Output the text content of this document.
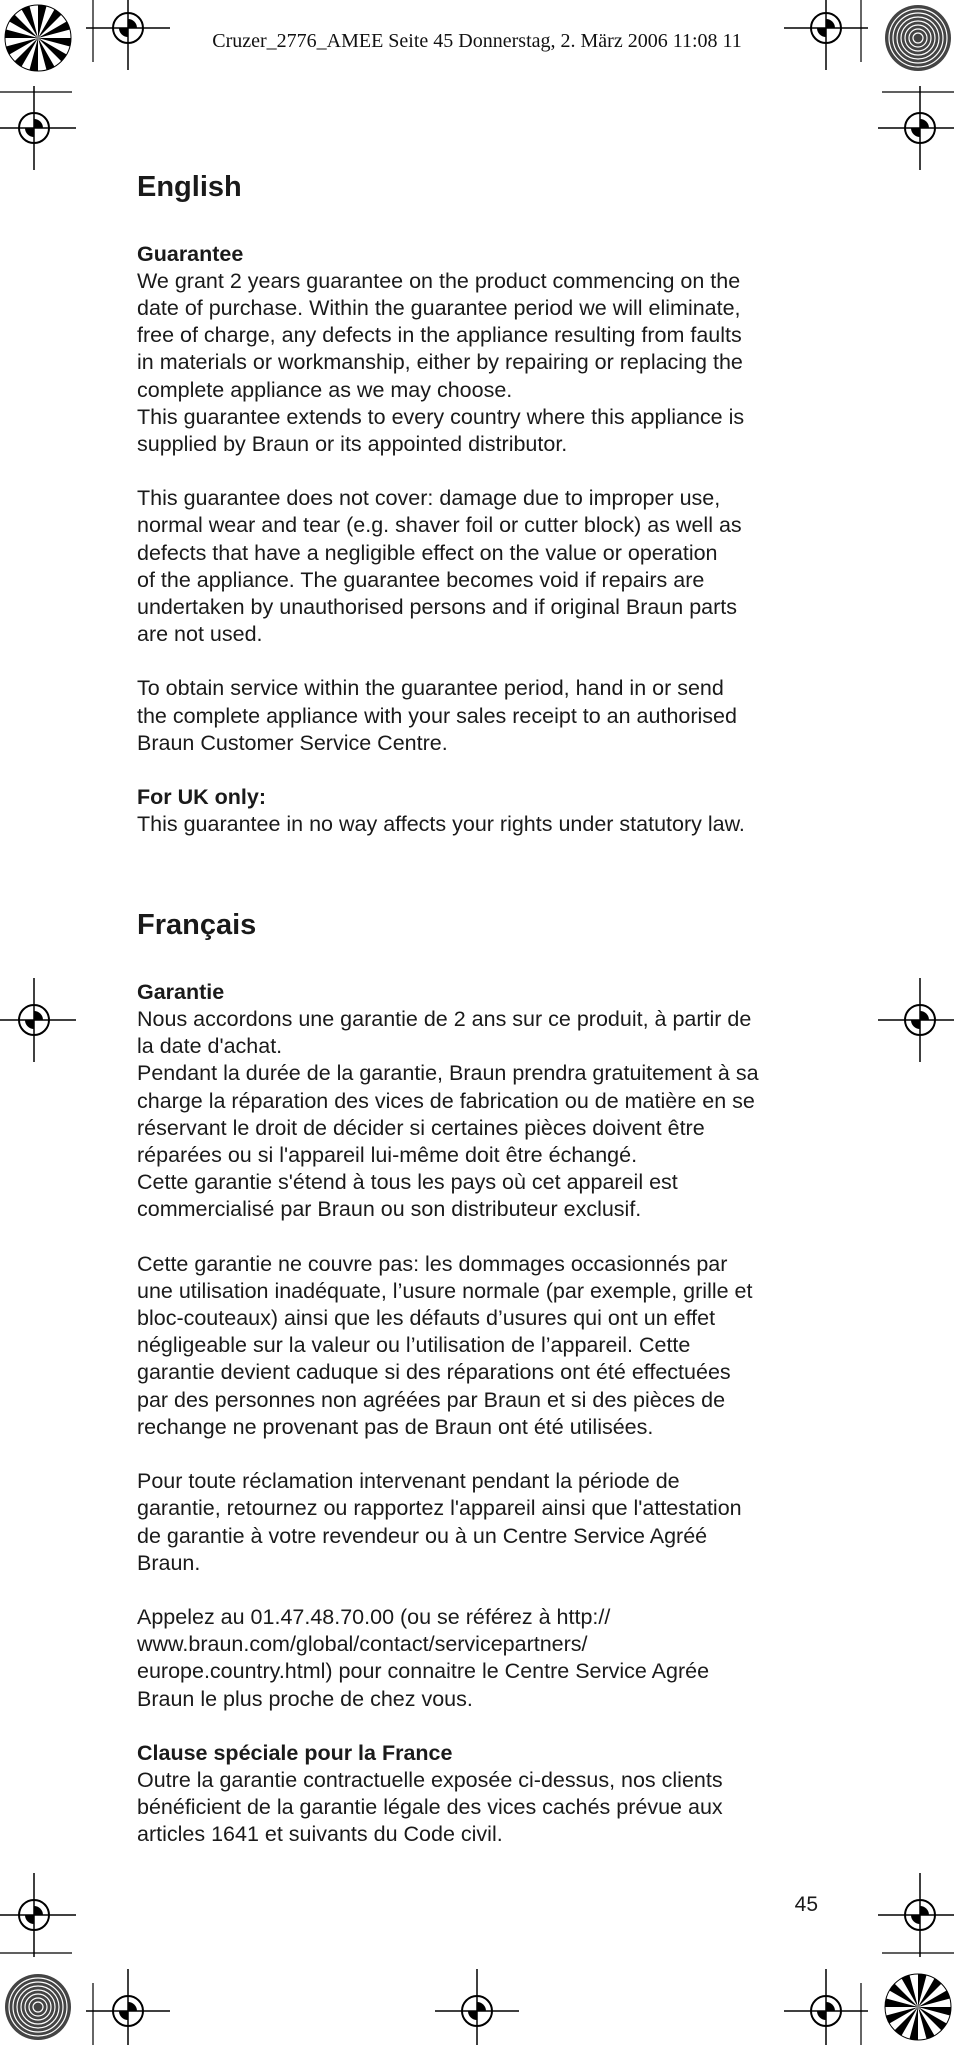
Cruzer_2776_AMEE Seite 45 Donnerstag, 2. März 2006 11:08 11
English
Guarantee

We grant 2 years guarantee on the product commencing on the
date of purchase. Within the guarantee period we will eliminate,
free of charge, any defects in the appliance resulting from faults
in materials or workmanship, either by repairing or replacing the
complete appliance as we may choose.
This guarantee extends to every country where this appliance is
supplied by Braun or its appointed distributor.

This guarantee does not cover: damage due to improper use,
normal wear and tear (e.g. shaver foil or cutter block) as well as
defects that have a negligible effect on the value or operation
of the appliance. The guarantee becomes void if repairs are
undertaken by unauthorised persons and if original Braun parts
are not used.

To obtain service within the guarantee period, hand in or send
the complete appliance with your sales receipt to an authorised
Braun Customer Service Centre.

For UK only:

This guarantee in no way affects your rights under statutory law.

Français
Garantie

Nous accordons une garantie de 2 ans sur ce produit, à partir de
la date d'achat.
Pendant la durée de la garantie, Braun prendra gratuitement à sa
charge la réparation des vices de fabrication ou de matière en se
réservant le droit de décider si certaines pièces doivent être
réparées ou si l'appareil lui-même doit être échangé.
Cette garantie s'étend à tous les pays où cet appareil est
commercialisé par Braun ou son distributeur exclusif.

Cette garantie ne couvre pas: les dommages occasionnés par
une utilisation inadéquate, l’usure normale (par exemple, grille et
bloc-couteaux) ainsi que les défauts d’usures qui ont un effet
négligeable sur la valeur ou l’utilisation de l’appareil. Cette
garantie devient caduque si des réparations ont été effectuées
par des personnes non agréées par Braun et si des pièces de
rechange ne provenant pas de Braun ont été utilisées.

Pour toute réclamation intervenant pendant la période de
garantie, retournez ou rapportez l'appareil ainsi que l'attestation
de garantie à votre revendeur ou à un Centre Service Agréé
Braun.

Appelez au 01.47.48.70.00 (ou se référez à http://
www.braun.com/global/contact/servicepartners/
europe.country.html) pour connaitre le Centre Service Agrée
Braun le plus proche de chez vous.

Clause spéciale pour la France

Outre la garantie contractuelle exposée ci-dessus, nos clients
bénéficient de la garantie légale des vices cachés prévue aux
articles 1641 et suivants du Code civil.

45
